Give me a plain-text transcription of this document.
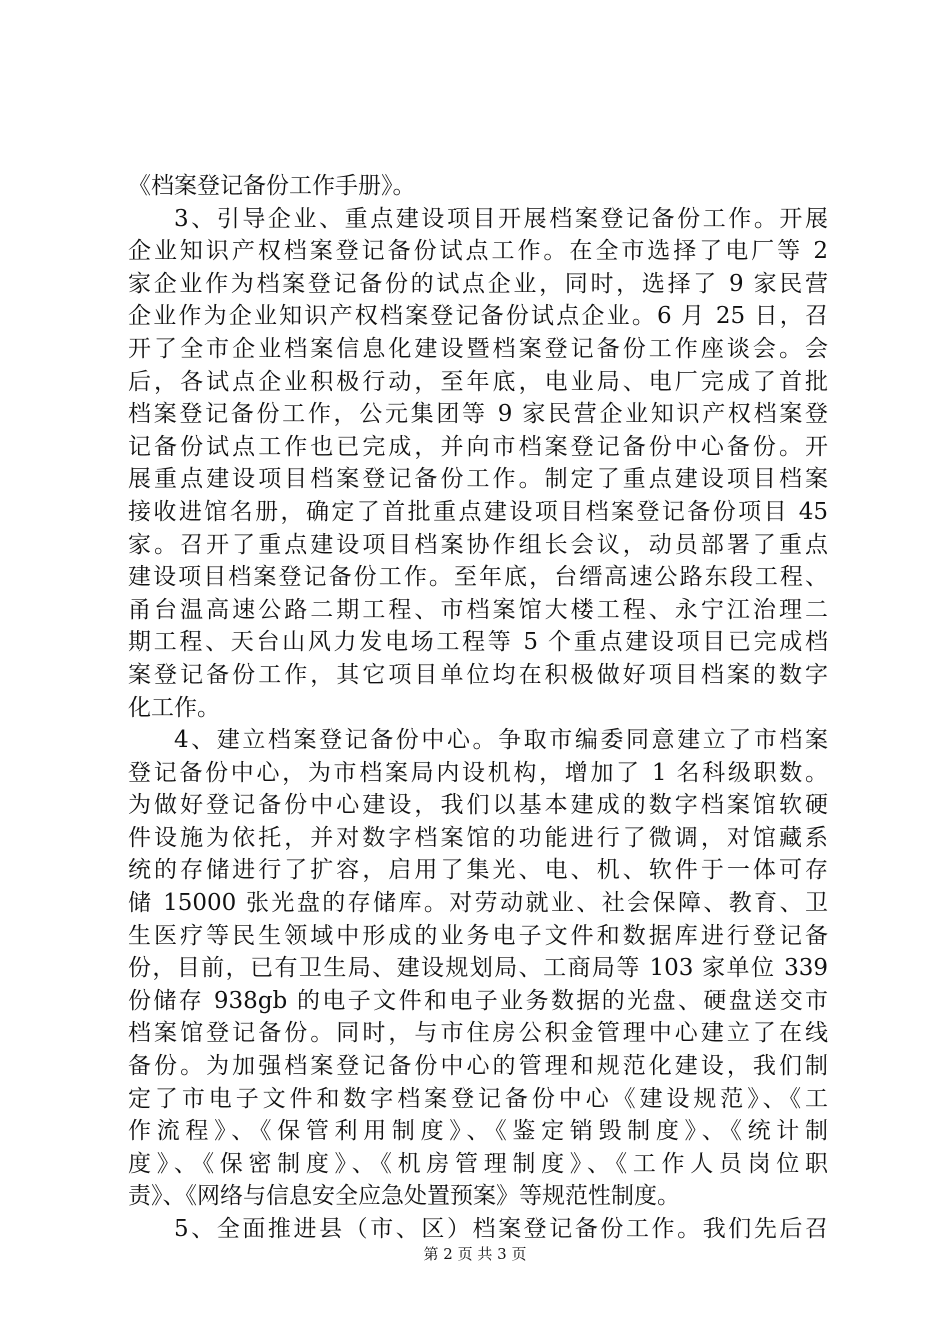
《档案登记备份工作手册》。
3、引导企业、重点建设项目开展档案登记备份工作。开展
企业知识产权档案登记备份试点工作。在全市选择了电厂等 2
家企业作为档案登记备份的试点企业，同时，选择了 9 家民营
企业作为企业知识产权档案登记备份试点企业。6 月 25 日，召
开了全市企业档案信息化建设暨档案登记备份工作座谈会。会
后，各试点企业积极行动，至年底，电业局、电厂完成了首批
档案登记备份工作，公元集团等 9 家民营企业知识产权档案登
记备份试点工作也已完成，并向市档案登记备份中心备份。开
展重点建设项目档案登记备份工作。制定了重点建设项目档案
接收进馆名册，确定了首批重点建设项目档案登记备份项目 45
家。召开了重点建设项目档案协作组长会议，动员部署了重点
建设项目档案登记备份工作。至年底，台缙高速公路东段工程、
甬台温高速公路二期工程、市档案馆大楼工程、永宁江治理二
期工程、天台山风力发电场工程等 5 个重点建设项目已完成档
案登记备份工作，其它项目单位均在积极做好项目档案的数字
化工作。
4、建立档案登记备份中心。争取市编委同意建立了市档案
登记备份中心，为市档案局内设机构，增加了 1 名科级职数。
为做好登记备份中心建设，我们以基本建成的数字档案馆软硬
件设施为依托，并对数字档案馆的功能进行了微调，对馆藏系
统的存储进行了扩容，启用了集光、电、机、软件于一体可存
储 15000 张光盘的存储库。对劳动就业、社会保障、教育、卫
生医疗等民生领域中形成的业务电子文件和数据库进行登记备
份，目前，已有卫生局、建设规划局、工商局等 103 家单位 339
份储存 938gb 的电子文件和电子业务数据的光盘、硬盘送交市
档案馆登记备份。同时，与市住房公积金管理中心建立了在线
备份。为加强档案登记备份中心的管理和规范化建设，我们制
定了市电子文件和数字档案登记备份中心《建设规范》、《工
作流程》、《保管利用制度》、《鉴定销毁制度》、《统计制
度》、《保密制度》、《机房管理制度》、《工作人员岗位职
责》、《网络与信息安全应急处置预案》等规范性制度。
5、全面推进县（市、区）档案登记备份工作。我们先后召
第 2 页 共 3 页
